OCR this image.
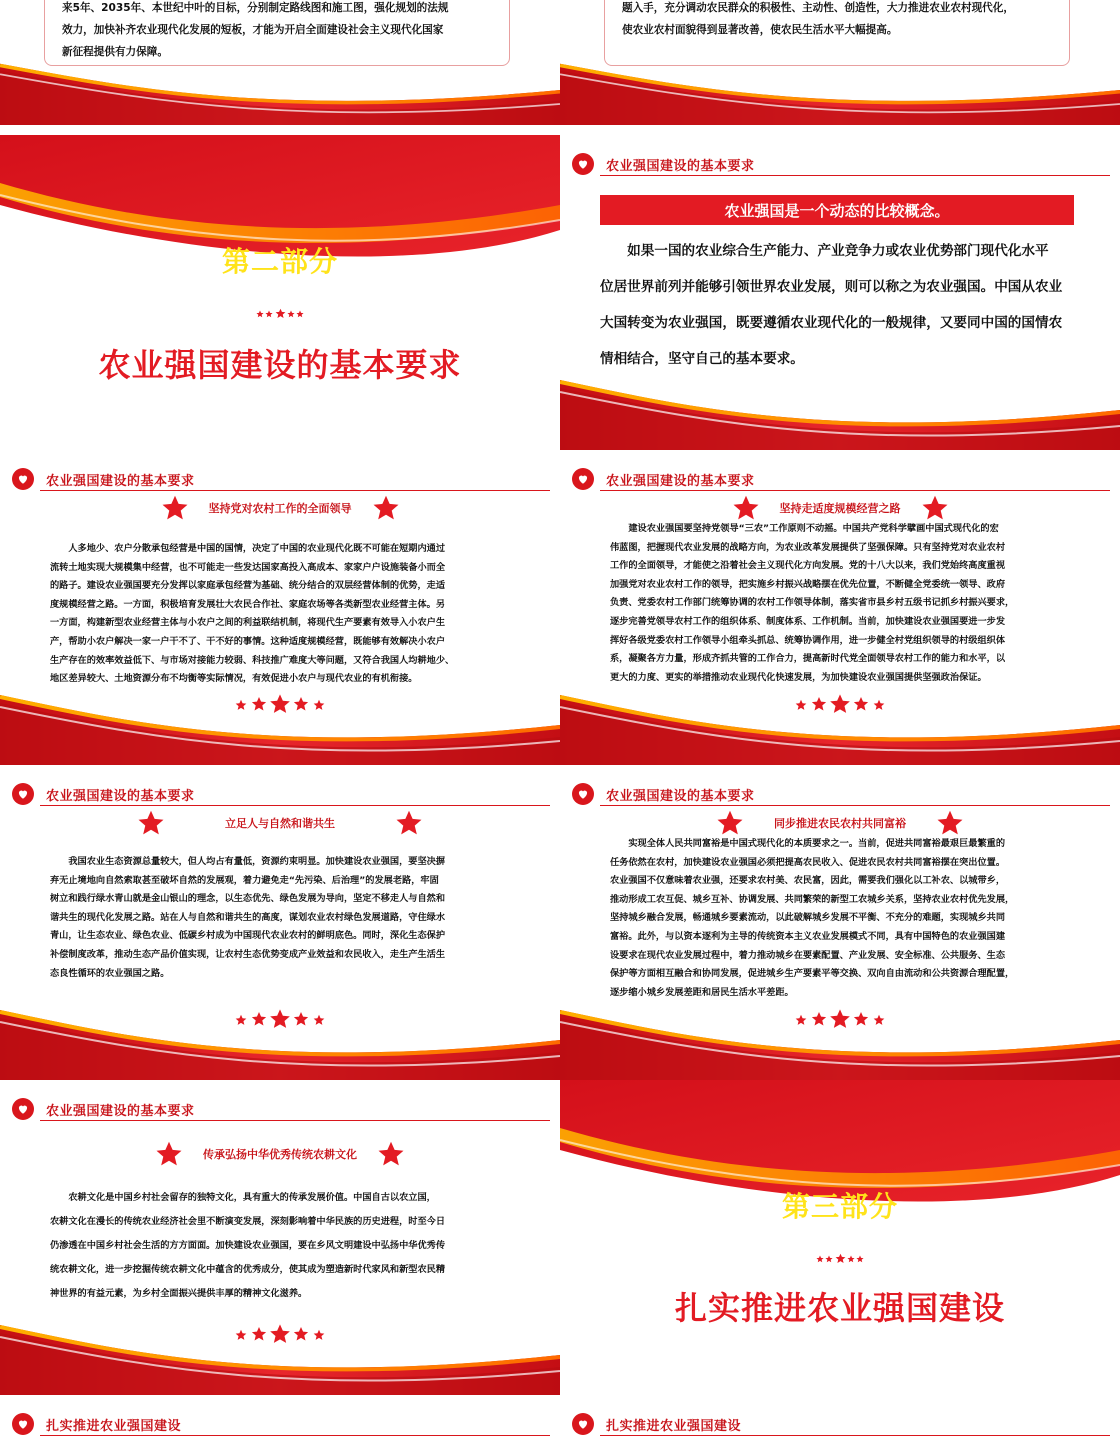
来5年、2035年、本世纪中叶的目标，分别制定路线图和施工图，强化规划的法规
效力，加快补齐农业现代化发展的短板，才能为开启全面建设社会主义现代化国家
新征程提供有力保障。
题入手，充分调动农民群众的积极性、主动性、创造性，大力推进农业农村现代化，
使农业农村面貌得到显著改善，使农民生活水平大幅提高。
第二部分
农业强国建设的基本要求
农业强国建设的基本要求
农业强国是一个动态的比较概念。
　　如果一国的农业综合生产能力、产业竞争力或农业优势部门现代化水平
位居世界前列并能够引领世界农业发展，则可以称之为农业强国。中国从农业
大国转变为农业强国，既要遵循农业现代化的一般规律，又要同中国的国情农
情相结合，坚守自己的基本要求。
农业强国建设的基本要求
坚持党对农村工作的全面领导
　　人多地少、农户分散承包经营是中国的国情，决定了中国的农业现代化既不可能在短期内通过
流转土地实现大规模集中经营，也不可能走一些发达国家高投入高成本、家家户户设施装备小而全
的路子。建设农业强国要充分发挥以家庭承包经营为基础、统分结合的双层经营体制的优势，走适
度规模经营之路。一方面，积极培育发展壮大农民合作社、家庭农场等各类新型农业经营主体。另
一方面，构建新型农业经营主体与小农户之间的利益联结机制，将现代生产要素有效导入小农户生
产，帮助小农户解决一家一户干不了、干不好的事情。这种适度规模经营，既能够有效解决小农户
生产存在的效率效益低下、与市场对接能力较弱、科技推广难度大等问题，又符合我国人均耕地少、
地区差异较大、土地资源分布不均衡等实际情况，有效促进小农户与现代农业的有机衔接。
农业强国建设的基本要求
坚持走适度规模经营之路
　　建设农业强国要坚持党领导“三农”工作原则不动摇。中国共产党科学擘画中国式现代化的宏
伟蓝图，把握现代农业发展的战略方向，为农业改革发展提供了坚强保障。只有坚持党对农业农村
工作的全面领导，才能使之沿着社会主义现代化方向发展。党的十八大以来，我们党始终高度重视
加强党对农业农村工作的领导，把实施乡村振兴战略摆在优先位置，不断健全党委统一领导、政府
负责、党委农村工作部门统筹协调的农村工作领导体制，落实省市县乡村五级书记抓乡村振兴要求，
逐步完善党领导农村工作的组织体系、制度体系、工作机制。当前，加快建设农业强国要进一步发
挥好各级党委农村工作领导小组牵头抓总、统筹协调作用，进一步健全村党组织领导的村级组织体
系，凝聚各方力量，形成齐抓共管的工作合力，提高新时代党全面领导农村工作的能力和水平，以
更大的力度、更实的举措推动农业现代化快速发展，为加快建设农业强国提供坚强政治保证。
农业强国建设的基本要求
立足人与自然和谐共生
　　我国农业生态资源总量较大，但人均占有量低，资源约束明显。加快建设农业强国，要坚决摒
弃无止境地向自然索取甚至破坏自然的发展观，着力避免走“先污染、后治理”的发展老路，牢固
树立和践行绿水青山就是金山银山的理念，以生态优先、绿色发展为导向，坚定不移走人与自然和
谐共生的现代化发展之路。站在人与自然和谐共生的高度，谋划农业农村绿色发展道路，守住绿水
青山，让生态农业、绿色农业、低碳乡村成为中国现代农业农村的鲜明底色。同时，深化生态保护
补偿制度改革，推动生态产品价值实现，让农村生态优势变成产业效益和农民收入，走生产生活生
态良性循环的农业强国之路。
农业强国建设的基本要求
同步推进农民农村共同富裕
　　实现全体人民共同富裕是中国式现代化的本质要求之一。当前，促进共同富裕最艰巨最繁重的
任务依然在农村，加快建设农业强国必须把提高农民收入、促进农民农村共同富裕摆在突出位置。
农业强国不仅意味着农业强，还要求农村美、农民富，因此，需要我们强化以工补农、以城带乡，
推动形成工农互促、城乡互补、协调发展、共同繁荣的新型工农城乡关系，坚持农业农村优先发展，
坚持城乡融合发展，畅通城乡要素流动，以此破解城乡发展不平衡、不充分的难题，实现城乡共同
富裕。此外，与以资本逐利为主导的传统资本主义农业发展模式不同，具有中国特色的农业强国建
设要求在现代农业发展过程中，着力推动城乡在要素配置、产业发展、安全标准、公共服务、生态
保护等方面相互融合和协同发展，促进城乡生产要素平等交换、双向自由流动和公共资源合理配置，
逐步缩小城乡发展差距和居民生活水平差距。
农业强国建设的基本要求
传承弘扬中华优秀传统农耕文化
　　农耕文化是中国乡村社会留存的独特文化，具有重大的传承发展价值。中国自古以农立国，
农耕文化在漫长的传统农业经济社会里不断演变发展，深刻影响着中华民族的历史进程，时至今日
仍渗透在中国乡村社会生活的方方面面。加快建设农业强国，要在乡风文明建设中弘扬中华优秀传
统农耕文化，进一步挖掘传统农耕文化中蕴含的优秀成分，使其成为塑造新时代家风和新型农民精
神世界的有益元素，为乡村全面振兴提供丰厚的精神文化滋养。
第三部分
扎实推进农业强国建设
扎实推进农业强国建设	扎实推进农业强国建设
